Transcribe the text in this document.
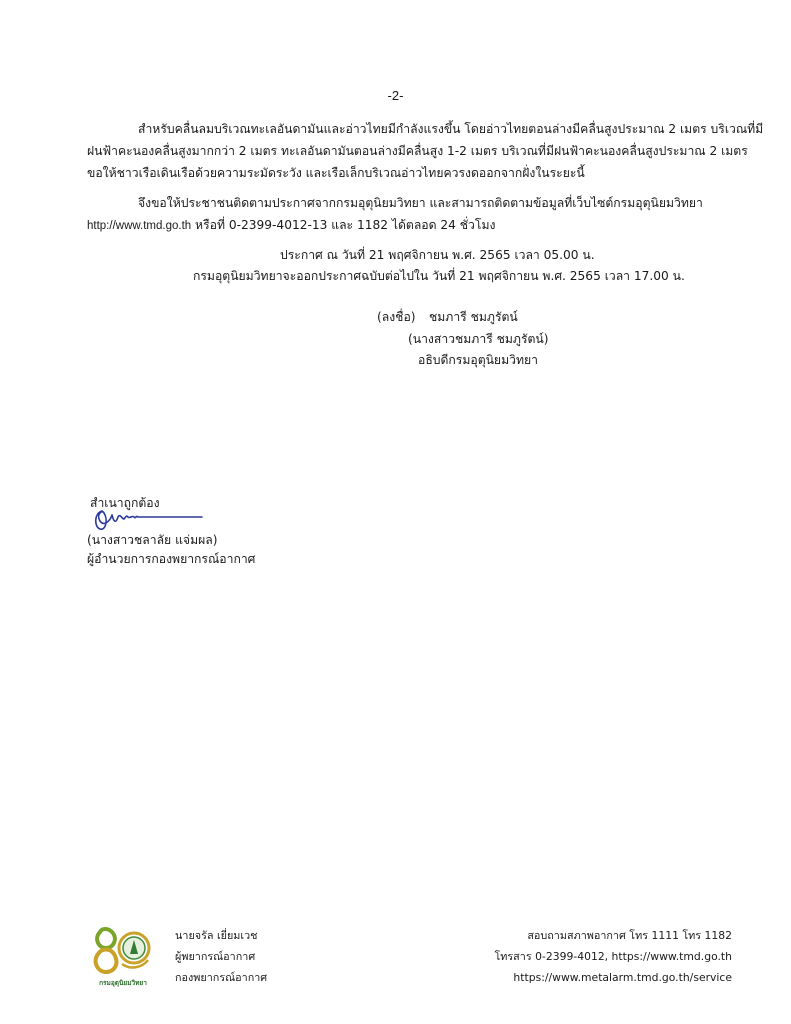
-2-
สำหรับคลื่นลมบริเวณทะเลอันดามันและอ่าวไทยมีกำลังแรงขึ้น โดยอ่าวไทยตอนล่างมีคลื่นสูงประมาณ 2 เมตร บริเวณที่มี
ฝนฟ้าคะนองคลื่นสูงมากกว่า 2 เมตร ทะเลอันดามันตอนล่างมีคลื่นสูง 1-2 เมตร บริเวณที่มีฝนฟ้าคะนองคลื่นสูงประมาณ 2 เมตร
ขอให้ชาวเรือเดินเรือด้วยความระมัดระวัง และเรือเล็กบริเวณอ่าวไทยควรงดออกจากฝั่งในระยะนี้
จึงขอให้ประชาชนติดตามประกาศจากกรมอุตุนิยมวิทยา และสามารถติดตามข้อมูลที่เว็บไซต์กรมอุตุนิยมวิทยา
http://www.tmd.go.th หรือที่ 0-2399-4012-13 และ 1182 ได้ตลอด 24 ชั่วโมง
ประกาศ ณ วันที่ 21 พฤศจิกายน พ.ศ. 2565 เวลา 05.00 น.
กรมอุตุนิยมวิทยาจะออกประกาศฉบับต่อไปใน วันที่ 21 พฤศจิกายน พ.ศ. 2565 เวลา 17.00 น.
(ลงชื่อ) ชมภารี ชมภูรัตน์
(นางสาวชมภารี ชมภูรัตน์)
อธิบดีกรมอุตุนิยมวิทยา
สำเนาถูกต้อง
(นางสาวชลาลัย แจ่มผล)
ผู้อำนวยการกองพยากรณ์อากาศ
กรมอุตุนิยมวิทยา
นายจรัล เยี่ยมเวช
ผู้พยากรณ์อากาศ
กองพยากรณ์อากาศ
สอบถามสภาพอากาศ โทร 1111 โทร 1182
โทรสาร 0-2399-4012, https://www.tmd.go.th
https://www.metalarm.tmd.go.th/service
